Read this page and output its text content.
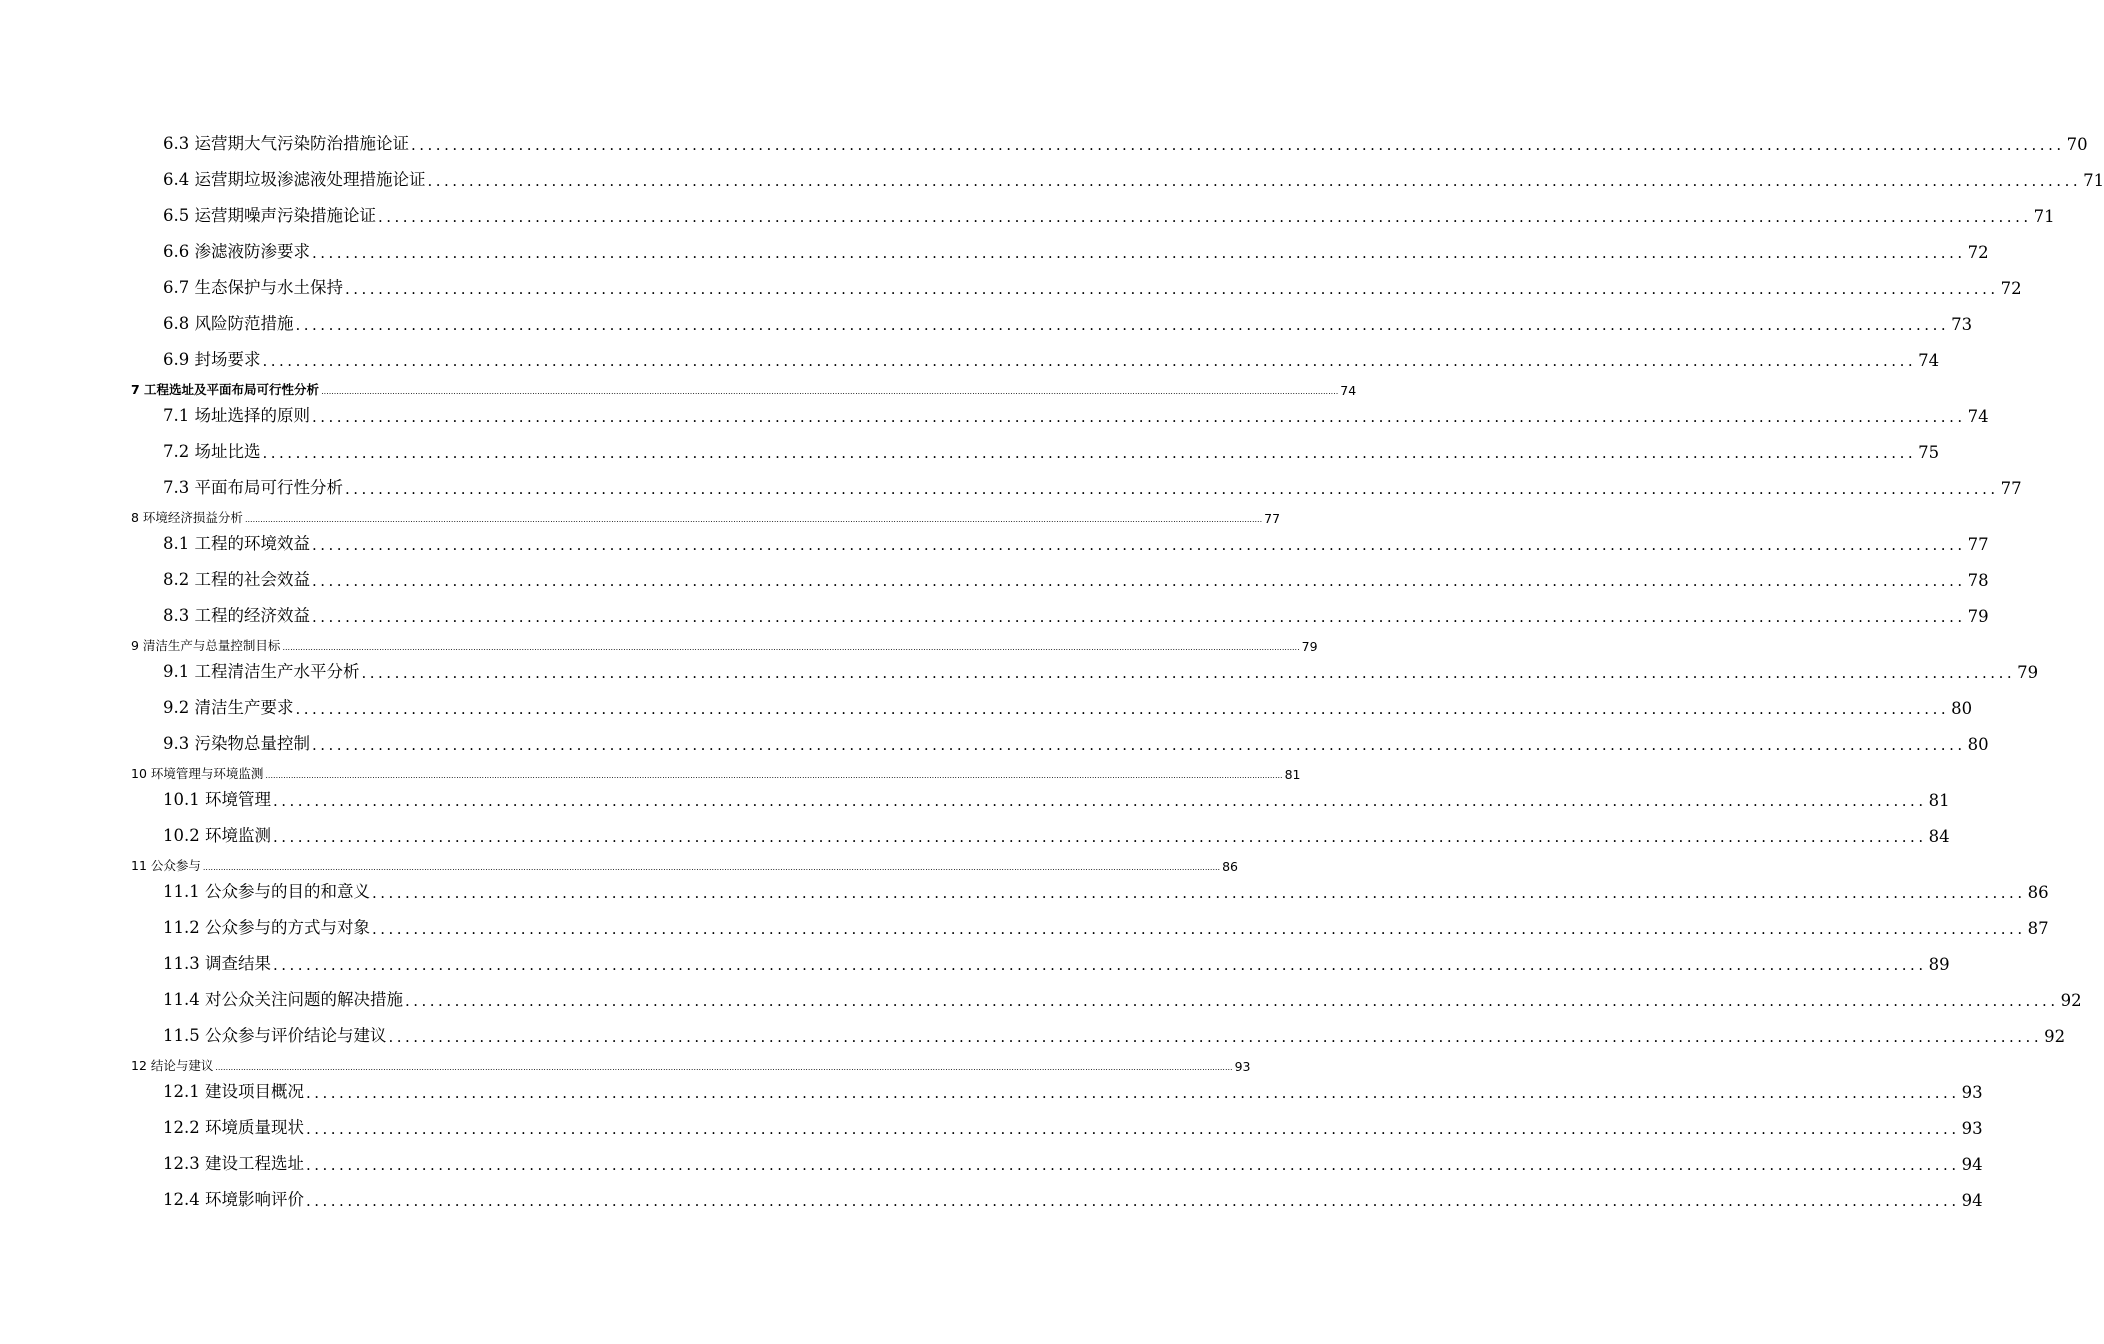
6.3 运营期大气污染防治措施论证 ........................................................................................................................................................................................................ 70
6.4 运营期垃圾渗滤液处理措施论证 ........................................................................................................................................................................................................ 71
6.5 运营期噪声污染措施论证 ........................................................................................................................................................................................................ 71
6.6 渗滤液防渗要求 ........................................................................................................................................................................................................ 72
6.7 生态保护与水土保持 ........................................................................................................................................................................................................ 72
6.8 风险防范措施 ........................................................................................................................................................................................................ 73
6.9 封场要求 ........................................................................................................................................................................................................ 74
7 工程选址及平面布局可行性分析 ................................................................................................................................................................................................................................................................................................................................................................................................................ 74
7.1 场址选择的原则 ........................................................................................................................................................................................................ 74
7.2 场址比选 ........................................................................................................................................................................................................ 75
7.3 平面布局可行性分析 ........................................................................................................................................................................................................ 77
8 环境经济损益分析 ................................................................................................................................................................................................................................................................................................................................................................................................................ 77
8.1 工程的环境效益 ........................................................................................................................................................................................................ 77
8.2 工程的社会效益 ........................................................................................................................................................................................................ 78
8.3 工程的经济效益 ........................................................................................................................................................................................................ 79
9 清洁生产与总量控制目标 ................................................................................................................................................................................................................................................................................................................................................................................................................ 79
9.1 工程清洁生产水平分析 ........................................................................................................................................................................................................ 79
9.2 清洁生产要求 ........................................................................................................................................................................................................ 80
9.3 污染物总量控制 ........................................................................................................................................................................................................ 80
10 环境管理与环境监测 ................................................................................................................................................................................................................................................................................................................................................................................................................ 81
10.1 环境管理 ........................................................................................................................................................................................................ 81
10.2 环境监测 ........................................................................................................................................................................................................ 84
11 公众参与 ................................................................................................................................................................................................................................................................................................................................................................................................................ 86
11.1 公众参与的目的和意义 ........................................................................................................................................................................................................ 86
11.2 公众参与的方式与对象 ........................................................................................................................................................................................................ 87
11.3 调查结果 ........................................................................................................................................................................................................ 89
11.4 对公众关注问题的解决措施 ........................................................................................................................................................................................................ 92
11.5 公众参与评价结论与建议 ........................................................................................................................................................................................................ 92
12 结论与建议 ................................................................................................................................................................................................................................................................................................................................................................................................................ 93
12.1 建设项目概况 ........................................................................................................................................................................................................ 93
12.2 环境质量现状 ........................................................................................................................................................................................................ 93
12.3 建设工程选址 ........................................................................................................................................................................................................ 94
12.4 环境影响评价 ........................................................................................................................................................................................................ 94
